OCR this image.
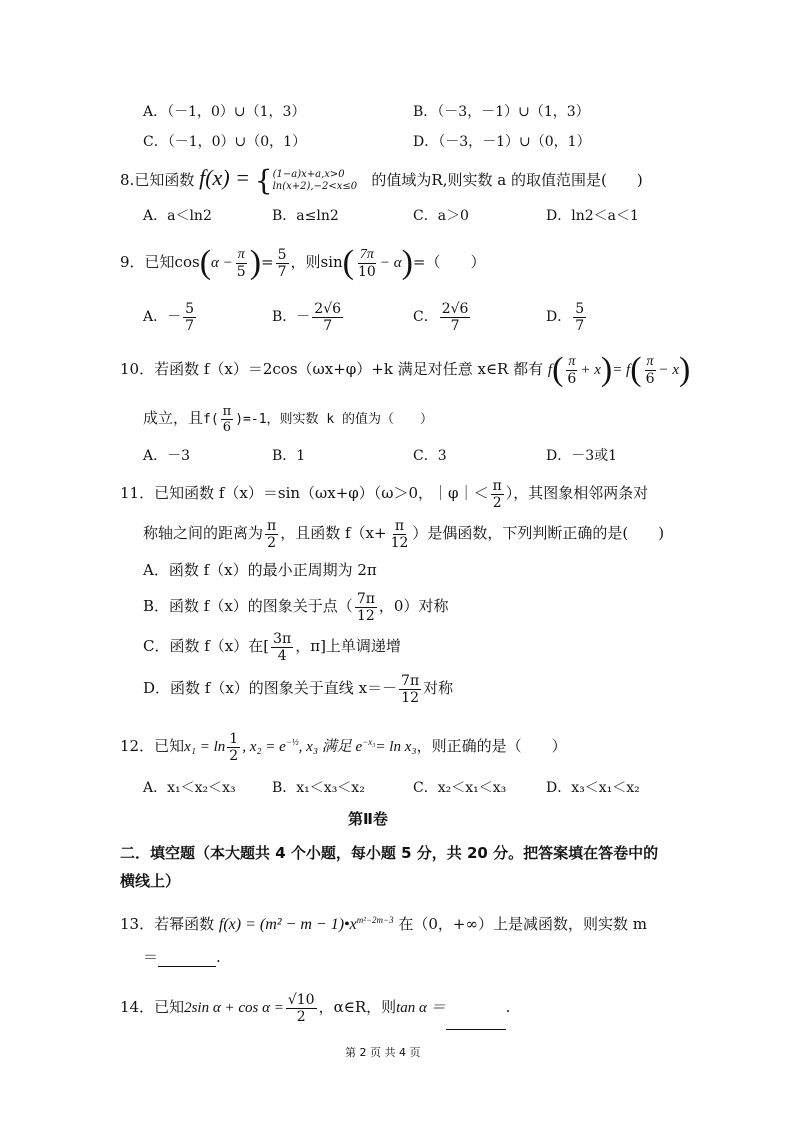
A．（－1，0）∪（1，3）	B．（－3，－1）∪（1，3）
C．（－1，0）∪（0，1）	D．（－3，－1）∪（0，1）
8.已知函数 f(x) = {(1−a)x+a,x>0
ln(x+2),−2<x≤0 的值域为R,则实数 a 的取值范围是(　　)
A．a＜ln2	B．a≤ln2	C．a＞0	D．ln2＜a＜1
9．已知$\cos(\alpha - \frac{\pi}{5}$ )= $\frac{5}{7}$ ，则$\sin( \frac{7\pi}{10} - \alpha)=$（　　）
A．－ $\frac{5}{7}$	B．－ $\frac{2√6}{7}$	C． $\frac{2√6}{7}$	D． $\frac{5}{7}$
10．若函数 f（x）＝2cos（ωx+φ）+k 满足对任意 x∈R 都有 $f( \frac{\pi}{6} + x)= f( \frac{\pi}{6} - x)$
成立，且$f( \frac{\pi}{6} )=-1$，则实数 k 的值为（　　）
A．－3	B．1	C．3	D．－3或1
11．已知函数 f（x）＝sin（ωx+φ）（ω＞0，｜φ｜＜ $\frac{\pi}{2}$ ），其图象相邻两条对
称轴之间的距离为 $\frac{\pi}{2}$ ，且函数 $f(x+ \frac{\pi}{12}$ ）是偶函数，下列判断正确的是(　　)
A．函数 f（x）的最小正周期为 2π
B．函数 f（x）的图象关于点（ $\frac{7\pi}{12}$ ，0）对称
C．函数 f（x）在[ $\frac{3\pi}{4}$ ，π]上单调递增
D．函数 f（x）的图象关于直线 $x=- \frac{7\pi}{12}$ 对称
12．已知$x_1 = \ln \frac{1}{2}$ , $x_2 = e^{-\frac{1}{2}}$, x₃ 满足 $e^{-x_3}= \ln x_3$，则正确的是（　　）
A．x₁＜x₂＜x₃	B．x₁＜x₃＜x₂	C．x₂＜x₁＜x₃	D．x₃＜x₁＜x₂
第Ⅱ卷
二．填空题（本大题共 4 个小题，每小题 5 分，共 20 分。把答案填在答卷中的
横线上）
13．若幂函数 $f(x) = (m^2 - m - 1)•x^{m^2-2m-3}$ 在（0，+∞）上是减函数，则实数 m
＝	.
14．已知2sin $\alpha + \cos \alpha = \frac{√10}{2}$ ，α∈R，则tan α ＝	.
第 2 页 共 4 页
